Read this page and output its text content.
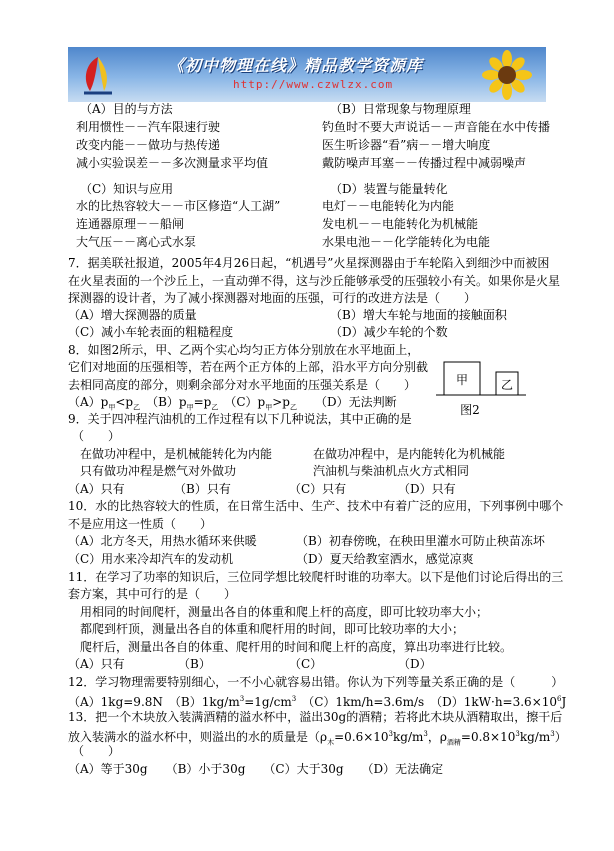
《初中物理在线》精品教学资源库
http://www.czwlzx.com
（A）目的与方法	（B）日常现象与物理原理
利用惯性－－汽车限速行驶	钓鱼时不要大声说话－－声音能在水中传播
改变内能－－做功与热传递	医生听诊器“看”病－－增大响度
减小实验误差－－多次测量求平均值	戴防噪声耳塞－－传播过程中减弱噪声
（C）知识与应用	（D）装置与能量转化
水的比热容较大－－市区修造“人工湖”	电灯－－电能转化为内能
连通器原理－－船闸	发电机－－电能转化为机械能
大气压－－离心式水泵	水果电池－－化学能转化为电能
7．据美联社报道，2005年4月26日起，“机遇号”火星探测器由于车轮陷入到细沙中而被困
在火星表面的一个沙丘上，一直动弹不得，这与沙丘能够承受的压强较小有关。如果你是火星
探测器的设计者，为了减小探测器对地面的压强，可行的改进方法是（　　）
（A）增大探测器的质量	（B）增大车轮与地面的接触面积
（C）减小车轮表面的粗糙程度	（D）减少车轮的个数
8．如图2所示，甲、乙两个实心均匀正方体分别放在水平地面上，
它们对地面的压强相等，若在两个正方体的上部，沿水平方向分别截
去相同高度的部分，则剩余部分对水平地面的压强关系是（　　）
$(A)p_甲<p_乙$　$(B)p_甲=p_乙$　$(C)p_甲>p_乙$　　（D）无法判断
9．关于四冲程汽油机的工作过程有以下几种说法，其中正确的是
（　　）
在做功冲程中，是机械能转化为内能	在做功冲程中，是内能转化为机械能
只有做功冲程是燃气对外做功	汽油机与柴油机点火方式相同
（A）只有	（B）只有	（C）只有	（D）只有
10．水的比热容较大的性质，在日常生活中、生产、技术中有着广泛的应用，下列事例中哪个
不是应用这一性质（　　）
（A）北方冬天，用热水循环来供暖	（B）初春傍晚，在秧田里灌水可防止秧苗冻坏
（C）用水来冷却汽车的发动机	（D）夏天给教室洒水，感觉凉爽
11．在学习了功率的知识后，三位同学想比较爬杆时谁的功率大。以下是他们讨论后得出的三
套方案，其中可行的是（　　）
用相同的时间爬杆，测量出各自的体重和爬上杆的高度，即可比较功率大小；
都爬到杆顶，测量出各自的体重和爬杆用的时间，即可比较功率的大小；
爬杆后，测量出各自的体重、爬杆用的时间和爬上杆的高度，算出功率进行比较。
（A）只有	（B）	（C）	（D）
12．学习物理需要特别细心，一不小心就容易出错。你认为下列等量关系正确的是（　　　）
（A）1kg=9.8N　$(B)1kg/m^3=1g/cm^3$　（C）1km/h=3.6m/s　$(D)1kW\cdot h=3.6\times 10^6J$
13．把一个木块放入装满酒精的溢水杯中，溢出30g的酒精；若将此木块从酒精取出，擦干后
放入装满水的溢水杯中，则溢出的水的质量是（$\rho_木=0.6\times 10^3kg/m^3$，$\rho_{酒精}=0.8\times 10^3kg/m^3$）
（　　）
（A）等于30g　　（B）小于30g　　（C）大于30g　　（D）无法确定
甲	乙
图2
